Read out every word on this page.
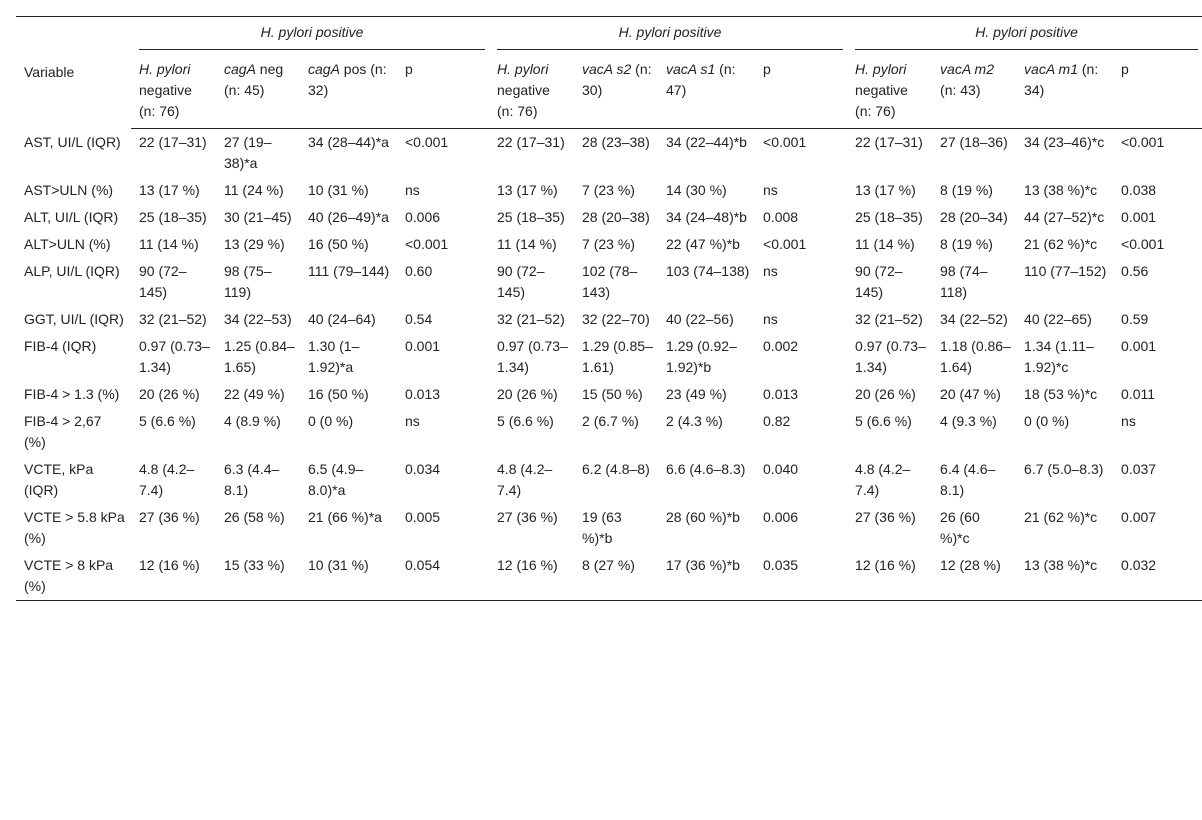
Variable	H. pylori positive				H. pylori positive				H. pylori positive			

	H. pylori negative (n: 76)	cagA neg (n: 45)	cagA pos (n: 32)	p	H. pylori negative (n: 76)	vacA s2 (n: 30)	vacA s1 (n: 47)	p	H. pylori negative (n: 76)	vacA m2 (n: 43)	vacA m1 (n: 34)	p
AST, UI/L (IQR)	22 (17–31)	27 (19–38)*a	34 (28–44)*a	<0.001	22 (17–31)	28 (23–38)	34 (22–44)*b	<0.001	22 (17–31)	27 (18–36)	34 (23–46)*c	<0.001
AST>ULN (%)	13 (17 %)	11 (24 %)	10 (31 %)	ns	13 (17 %)	7 (23 %)	14 (30 %)	ns	13 (17 %)	8 (19 %)	13 (38 %)*c	0.038
ALT, UI/L (IQR)	25 (18–35)	30 (21–45)	40 (26–49)*a	0.006	25 (18–35)	28 (20–38)	34 (24–48)*b	0.008	25 (18–35)	28 (20–34)	44 (27–52)*c	0.001
ALT>ULN (%)	11 (14 %)	13 (29 %)	16 (50 %)	<0.001	11 (14 %)	7 (23 %)	22 (47 %)*b	<0.001	11 (14 %)	8 (19 %)	21 (62 %)*c	<0.001
ALP, UI/L (IQR)	90 (72–145)	98 (75–119)	111 (79–144)	0.60	90 (72–145)	102 (78–143)	103 (74–138)	ns	90 (72–145)	98 (74–118)	110 (77–152)	0.56
GGT, UI/L (IQR)	32 (21–52)	34 (22–53)	40 (24–64)	0.54	32 (21–52)	32 (22–70)	40 (22–56)	ns	32 (21–52)	34 (22–52)	40 (22–65)	0.59
FIB-4 (IQR)	0.97 (0.73–1.34)	1.25 (0.84–1.65)	1.30 (1–1.92)*a	0.001	0.97 (0.73–1.34)	1.29 (0.85–1.61)	1.29 (0.92–1.92)*b	0.002	0.97 (0.73–1.34)	1.18 (0.86–1.64)	1.34 (1.11–1.92)*c	0.001
FIB-4 > 1.3 (%)	20 (26 %)	22 (49 %)	16 (50 %)	0.013	20 (26 %)	15 (50 %)	23 (49 %)	0.013	20 (26 %)	20 (47 %)	18 (53 %)*c	0.011
FIB-4 > 2,67 (%)	5 (6.6 %)	4 (8.9 %)	0 (0 %)	ns	5 (6.6 %)	2 (6.7 %)	2 (4.3 %)	0.82	5 (6.6 %)	4 (9.3 %)	0 (0 %)	ns
VCTE, kPa (IQR)	4.8 (4.2–7.4)	6.3 (4.4–8.1)	6.5 (4.9–8.0)*a	0.034	4.8 (4.2–7.4)	6.2 (4.8–8)	6.6 (4.6–8.3)	0.040	4.8 (4.2–7.4)	6.4 (4.6–8.1)	6.7 (5.0–8.3)	0.037
VCTE > 5.8 kPa (%)	27 (36 %)	26 (58 %)	21 (66 %)*a	0.005	27 (36 %)	19 (63 %)*b	28 (60 %)*b	0.006	27 (36 %)	26 (60 %)*c	21 (62 %)*c	0.007
VCTE > 8 kPa (%)	12 (16 %)	15 (33 %)	10 (31 %)	0.054	12 (16 %)	8 (27 %)	17 (36 %)*b	0.035	12 (16 %)	12 (28 %)	13 (38 %)*c	0.032
